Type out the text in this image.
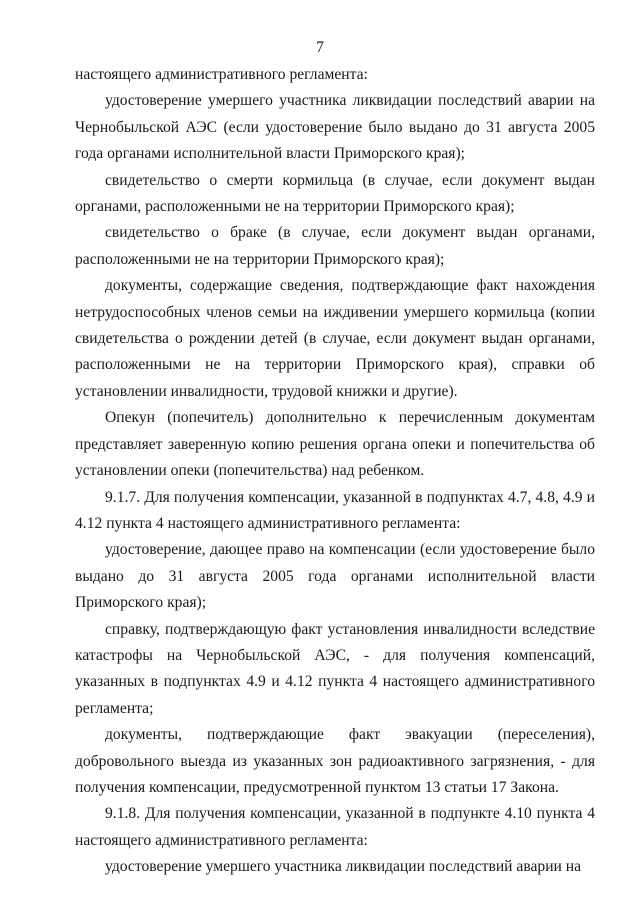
7

настоящего административного регламента:

удостоверение умершего участника ликвидации последствий аварии на Чернобыльской АЭС (если удостоверение было выдано до 31 августа 2005 года органами исполнительной власти Приморского края);

свидетельство о смерти кормильца (в случае, если документ выдан органами, расположенными не на территории Приморского края);

свидетельство о браке (в случае, если документ выдан органами, расположенными не на территории Приморского края);

документы, содержащие сведения, подтверждающие факт нахождения нетрудоспособных членов семьи на иждивении умершего кормильца (копии свидетельства о рождении детей (в случае, если документ выдан органами, расположенными не на территории Приморского края), справки об установлении инвалидности, трудовой книжки и другие).

Опекун (попечитель) дополнительно к перечисленным документам представляет заверенную копию решения органа опеки и попечительства об установлении опеки (попечительства) над ребенком.

9.1.7. Для получения компенсации, указанной в подпунктах 4.7, 4.8, 4.9 и 4.12 пункта 4 настоящего административного регламента:

удостоверение, дающее право на компенсации (если удостоверение было выдано до 31 августа 2005 года органами исполнительной власти Приморского края);

справку, подтверждающую факт установления инвалидности вследствие катастрофы на Чернобыльской АЭС, - для получения компенсаций, указанных в подпунктах 4.9 и 4.12 пункта 4 настоящего административного регламента;

документы, подтверждающие факт эвакуации (переселения), добровольного выезда из указанных зон радиоактивного загрязнения, - для получения компенсации, предусмотренной пунктом 13 статьи 17 Закона.

9.1.8. Для получения компенсации, указанной в подпункте 4.10 пункта 4 настоящего административного регламента:

удостоверение умершего участника ликвидации последствий аварии на
